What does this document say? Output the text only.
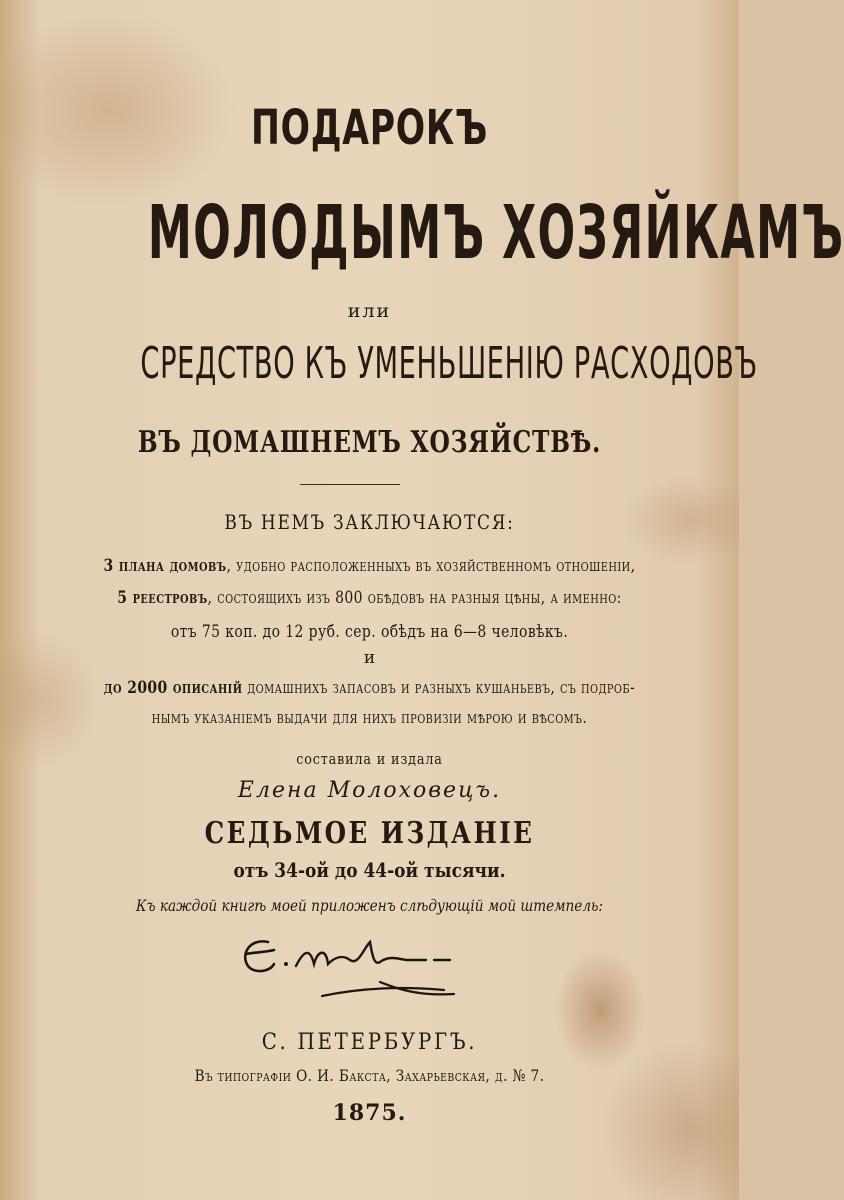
ПОДАРОКЪ
МОЛОДЫМЪ ХОЗЯЙКАМЪ
или
СРЕДСТВО КЪ УМЕНЬШЕНІЮ РАСХОДОВЪ
ВЪ ДОМАШНЕМЪ ХОЗЯЙСТВѢ.
ВЪ НЕМЪ ЗАКЛЮЧАЮТСЯ:
3 плана домовъ, удобно расположенныхъ въ хозяйственномъ отношеніи,
5 реестровъ, состоящихъ изъ 800 обѣдовъ на разныя цѣны, а именно:
отъ 75 коп. до 12 руб. сер. обѣдъ на 6—8 человѣкъ.
и
до 2000 описаній домашнихъ запасовъ и разныхъ кушаньевъ, съ подроб-
нымъ указаніемъ выдачи для нихъ провизіи мѣрою и вѣсомъ.
составила и издала
Елена Молоховецъ.
СЕДЬМОЕ ИЗДАНІЕ
отъ 34-ой до 44-ой тысячи.
Къ каждой книгѣ моей приложенъ слѣдующій мой штемпель:
С. ПЕТЕРБУРГЪ.
Въ типографіи О. И. Бакста, Захарьевская, д. № 7.
1875.
